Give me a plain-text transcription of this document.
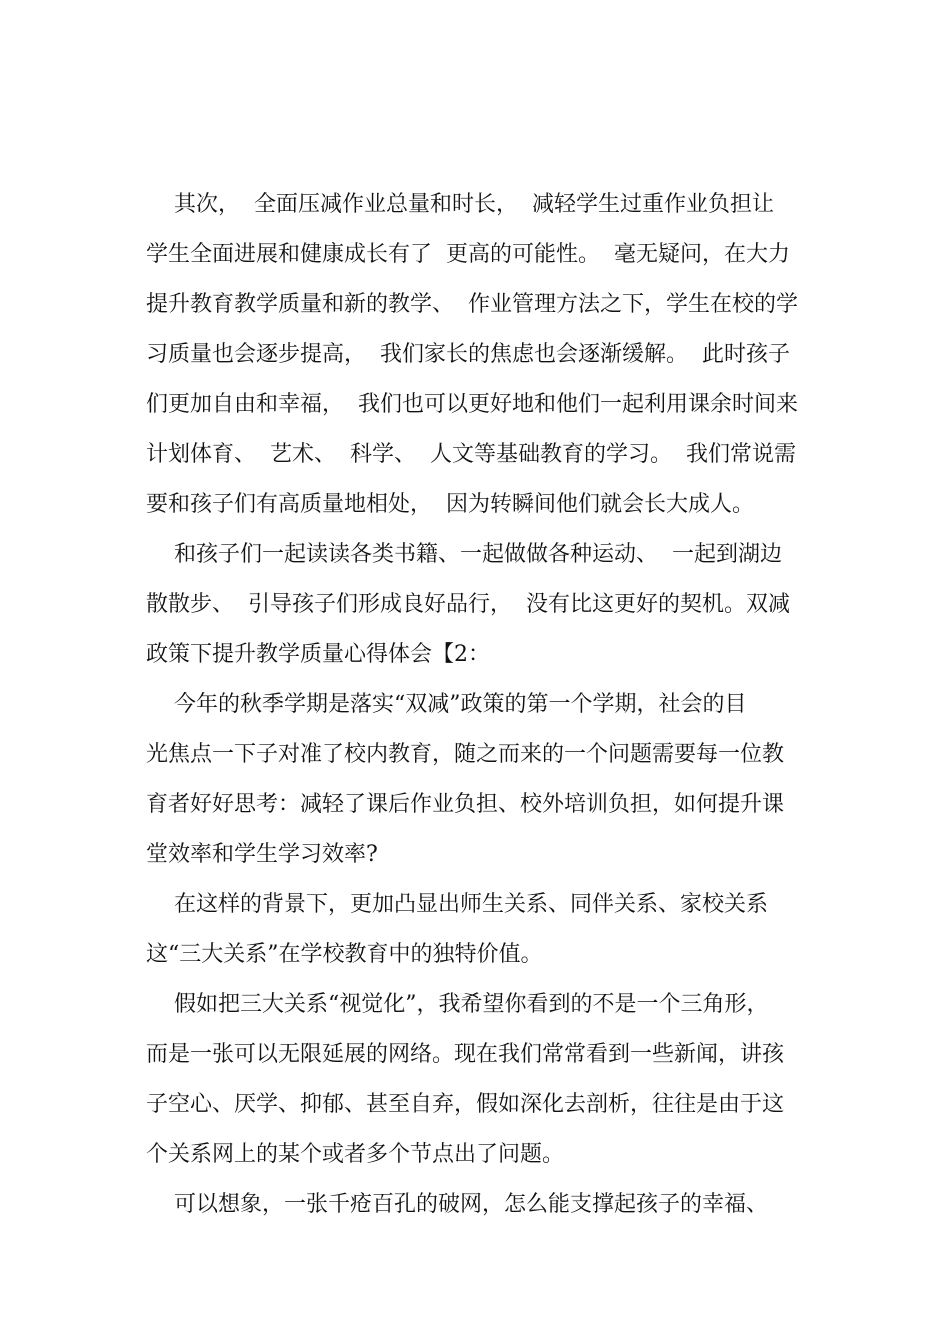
其次，  全面压减作业总量和时长，  减轻学生过重作业负担让
学生全面进展和健康成长有了  更高的可能性。  毫无疑问，在大力
提升教育教学质量和新的教学、  作业管理方法之下，学生在校的学
习质量也会逐步提高，  我们家长的焦虑也会逐渐缓解。  此时孩子
们更加自由和幸福，  我们也可以更好地和他们一起利用课余时间来
计划体育、  艺术、  科学、  人文等基础教育的学习。  我们常说需
要和孩子们有高质量地相处，  因为转瞬间他们就会长大成人。
和孩子们一起读读各类书籍、一起做做各种运动、  一起到湖边
散散步、  引导孩子们形成良好品行，  没有比这更好的契机。双减
政策下提升教学质量心得体会【2：
今年的秋季学期是落实“双减”政策的第一个学期，社会的目
光焦点一下子对准了校内教育，随之而来的一个问题需要每一位教
育者好好思考：减轻了课后作业负担、校外培训负担，如何提升课
堂效率和学生学习效率?
在这样的背景下，更加凸显出师生关系、同伴关系、家校关系
这“三大关系”在学校教育中的独特价值。
假如把三大关系“视觉化”，我希望你看到的不是一个三角形，
而是一张可以无限延展的网络。现在我们常常看到一些新闻，讲孩
子空心、厌学、抑郁、甚至自弃，假如深化去剖析，往往是由于这
个关系网上的某个或者多个节点出了问题。
可以想象，一张千疮百孔的破网，怎么能支撑起孩子的幸福、
